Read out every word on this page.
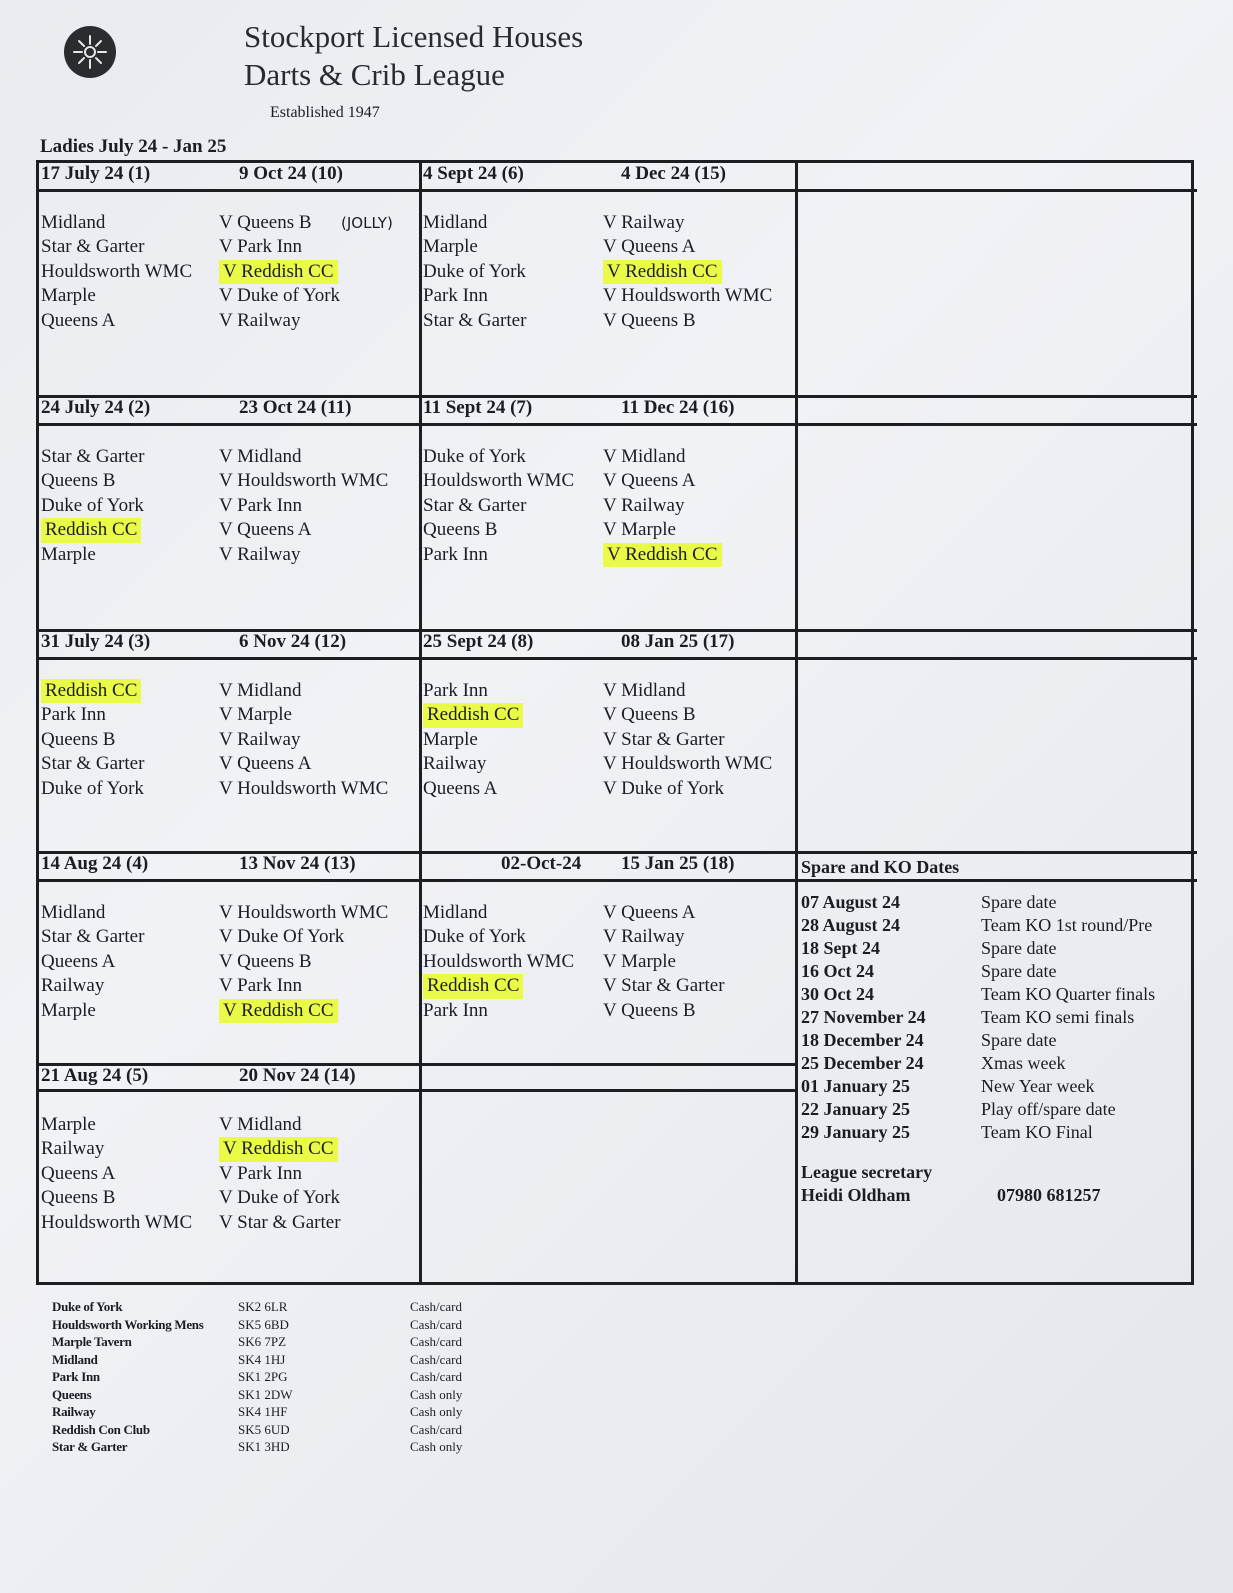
Stockport Licensed Houses
Darts & Crib League
Established 1947
Ladies July 24 - Jan 25
17 July 24 (1)	9 Oct 24 (10)
Midland	V Queens B (JOLLY)
Star & Garter	V Park Inn
Houldsworth WMC V Reddish CC
Marple	V Duke of York
Queens A	V Railway
4 Sept 24 (6)	4 Dec 24 (15)
Midland	V Railway
Marple	V Queens A
Duke of York	V Reddish CC
Park Inn	V Houldsworth WMC
Star & Garter	V Queens B
24 July 24 (2)	23 Oct 24 (11)
Star & Garter	V Midland
Queens B	V Houldsworth WMC
Duke of York	V Park Inn
Reddish CC	V Queens A
Marple	V Railway
11 Sept 24 (7)	11 Dec 24 (16)
Duke of York	V Midland
Houldsworth WMC V Queens A
Star & Garter	V Railway
Queens B	V Marple
Park Inn	V Reddish CC
31 July 24 (3)	6 Nov 24 (12)
Reddish CC	V Midland
Park Inn	V Marple
Queens B	V Railway
Star & Garter	V Queens A
Duke of York	V Houldsworth WMC
25 Sept 24 (8)	08 Jan 25 (17)
Park Inn	V Midland
Reddish CC	V Queens B
Marple	V Star & Garter
Railway	V Houldsworth WMC
Queens A	V Duke of York
14 Aug 24 (4)	13 Nov 24 (13)
Midland	V Houldsworth WMC
Star & Garter	V Duke Of York
Queens A	V Queens B
Railway	V Park Inn
Marple	V Reddish CC
02-Oct-24 15 Jan 25 (18)
Midland	V Queens A
Duke of York	V Railway
Houldsworth WMC V Marple
Reddish CC	V Star & Garter
Park Inn	V Queens B
21 Aug 24 (5)	20 Nov 24 (14)
Marple	V Midland
Railway	V Reddish CC
Queens A	V Park Inn
Queens B	V Duke of York
Houldsworth WMC V Star & Garter
Spare and KO Dates
07 August 24	Spare date
28 August 24	Team KO 1st round/Pre
18 Sept 24	Spare date
16 Oct 24	Spare date
30 Oct 24	Team KO Quarter finals
27 November 24	Team KO semi finals
18 December 24	Spare date
25 December 24	Xmas week
01 January 25	New Year week
22 January 25	Play off/spare date
29 January 25	Team KO Final
League secretary
Heidi Oldham	07980 681257
Duke of York	SK2 6LR	Cash/card
Houldsworth Working Mens	SK5 6BD	Cash/card
Marple Tavern	SK6 7PZ	Cash/card
Midland	SK4 1HJ	Cash/card
Park Inn	SK1 2PG	Cash/card
Queens	SK1 2DW	Cash only
Railway	SK4 1HF	Cash only
Reddish Con Club	SK5 6UD	Cash/card
Star & Garter	SK1 3HD	Cash only
